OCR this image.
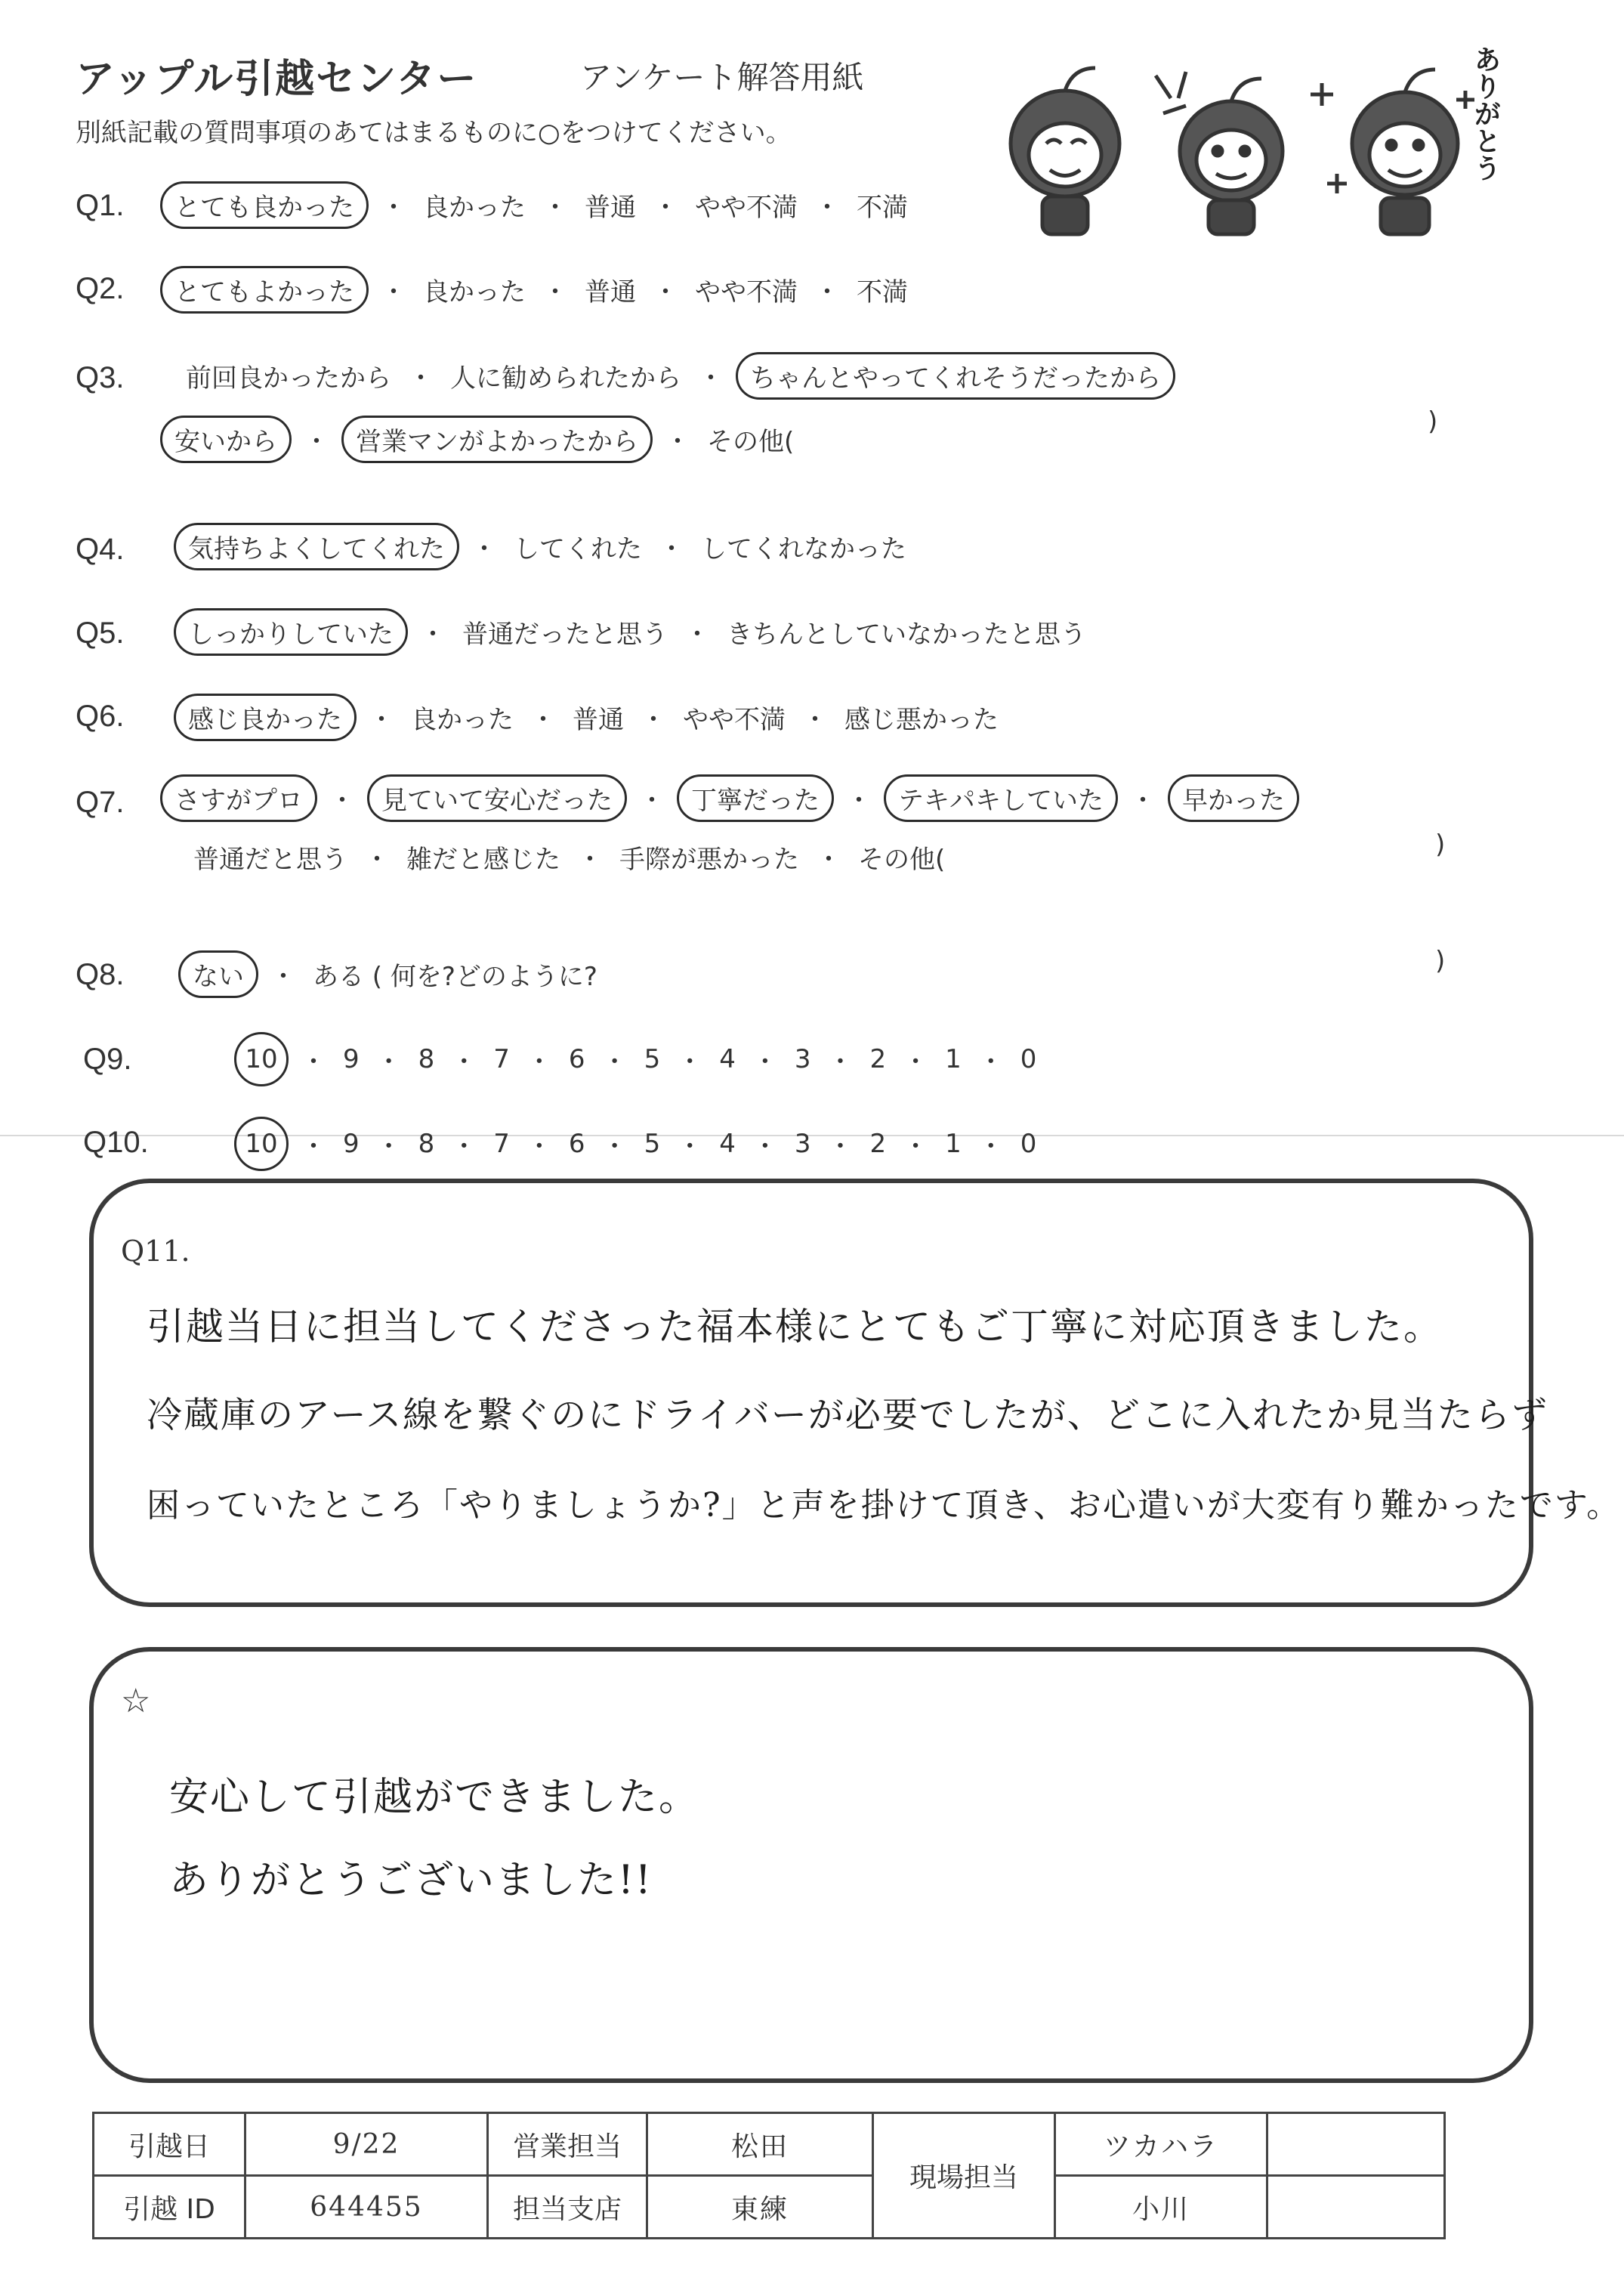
アップル引越センター	アンケート解答用紙
別紙記載の質問事項のあてはまるものに○をつけてください。	ありがとう
Q1.	とても良かった	・ 良かった ・ 普通 ・ やや不満 ・ 不満
Q2.	とてもよかった	・ 良かった ・ 普通 ・ やや不満 ・ 不満
Q3. 前回良かったから ・ 人に勧められたから ・	ちゃんとやってくれそうだったから
安いから	・	営業マンがよかったから	・ その他(
)
Q4.	気持ちよくしてくれた	・ してくれた ・ してくれなかった
Q5.	しっかりしていた	・ 普通だったと思う ・ きちんとしていなかったと思う
Q6.	感じ良かった	・ 良かった ・ 普通 ・ やや不満 ・ 感じ悪かった
Q7.	さすがプロ	・	見ていて安心だった	・	丁寧だった	・	テキパキしていた	・	早かった
普通だと思う ・ 雑だと感じた ・ 手際が悪かった ・ その他(	)
Q8.	ない	・ ある ( 何を?どのように?
)
Q9.	10 ・ 9 ・ 8 ・ 7 ・ 6 ・ 5 ・ 4 ・ 3 ・ 2 ・ 1 ・ 0
Q10.	10 ・ 9 ・ 8 ・ 7 ・ 6 ・ 5 ・ 4 ・ 3 ・ 2 ・ 1 ・ 0
Q11.
引越当日に担当してくださった福本様にとてもご丁寧に対応頂きました。
冷蔵庫のアース線を繋ぐのにドライバーが必要でしたが、どこに入れたか見当たらず
困っていたところ「やりましょうか?」と声を掛けて頂き、お心遣いが大変有り難かったです。
☆
安心して引越ができました。
ありがとうございました!!
引越日	9/22	営業担当	松田	現場担当	ツカハラ	
引越 ID	644455	担当支店	東練		小川	
